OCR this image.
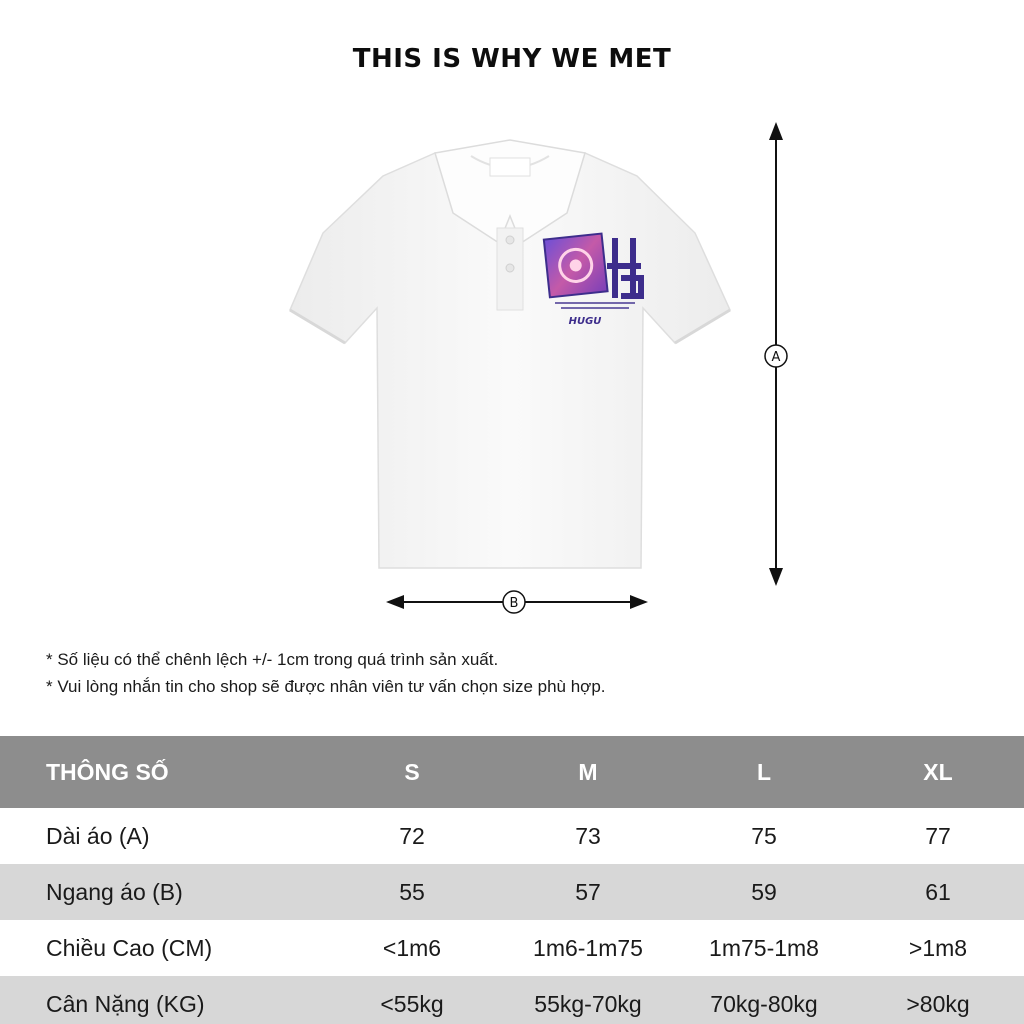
THIS IS WHY WE MET
HUGU
A
B
* Số liệu có thể chênh lệch +/- 1cm trong quá trình sản xuất.
* Vui lòng nhắn tin cho shop sẽ được nhân viên tư vấn chọn size phù hợp.
THÔNG SỐ	S	M	L	XL
Dài áo (A)	72	73	75	77
Ngang áo (B)	55	57	59	61
Chiều Cao (CM)	<1m6	1m6-1m75	1m75-1m8	>1m8
Cân Nặng (KG)	<55kg	55kg-70kg	70kg-80kg	>80kg
